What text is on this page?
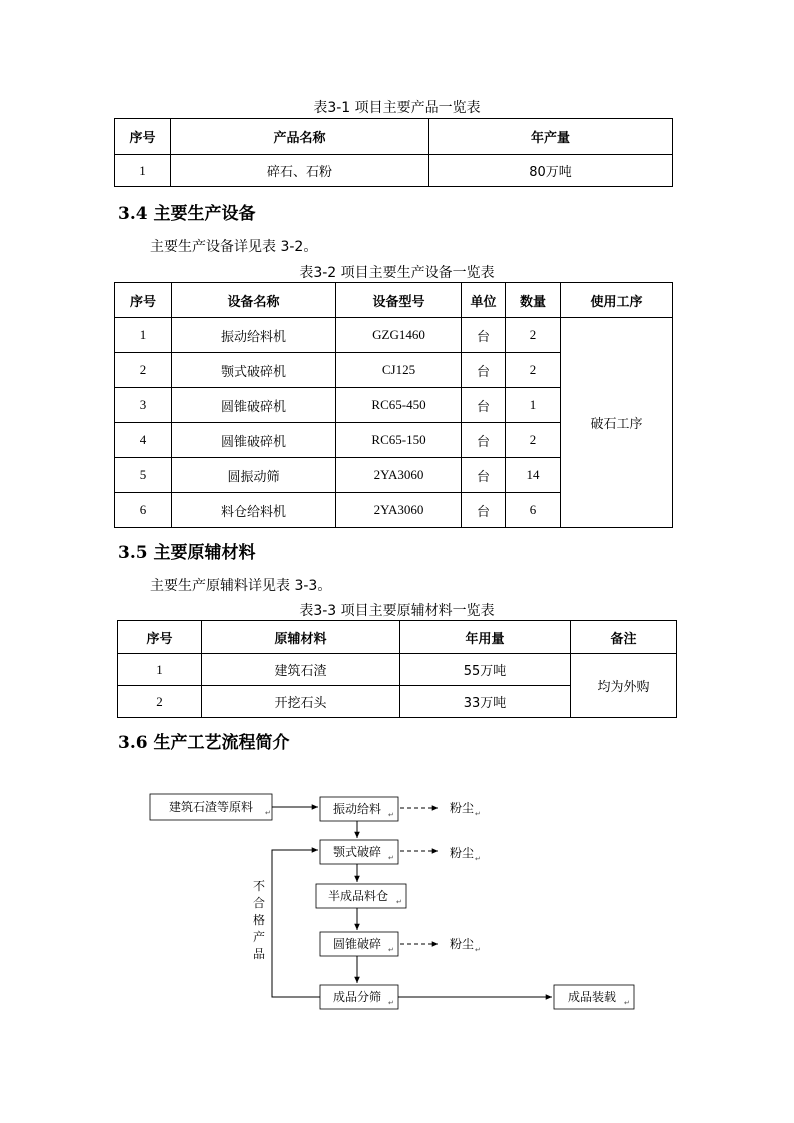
表3-1 项目主要产品一览表
序号	产品名称	年产量
1	碎石、石粉	80万吨
3.4 主要生产设备
主要生产设备详见表 3-2。
表3-2 项目主要生产设备一览表
序号	设备名称	设备型号	单位	数量	使用工序
1	振动给料机	GZG1460	台	2	破石工序
2	颚式破碎机	CJ125	台	2	
3	圆锥破碎机	RC65-450	台	1	
4	圆锥破碎机	RC65-150	台	2	
5	圆振动筛	2YA3060	台	14	
6	料仓给料机	2YA3060	台	6	
3.5 主要原辅材料
主要生产原辅料详见表 3-3。
表3-3 项目主要原辅材料一览表
序号	原辅材料	年用量	备注
1	建筑石渣	55万吨	均为外购
2	开挖石头	33万吨	
3.6 生产工艺流程简介
建筑石渣等原料 ↵	振动给料 ↵
颚式破碎 ↵
半成品料仓 ↵
圆锥破碎 ↵
成品分筛 ↵	成品装载 ↵
粉尘 ↵
粉尘 ↵
粉尘 ↵
不合格产品
